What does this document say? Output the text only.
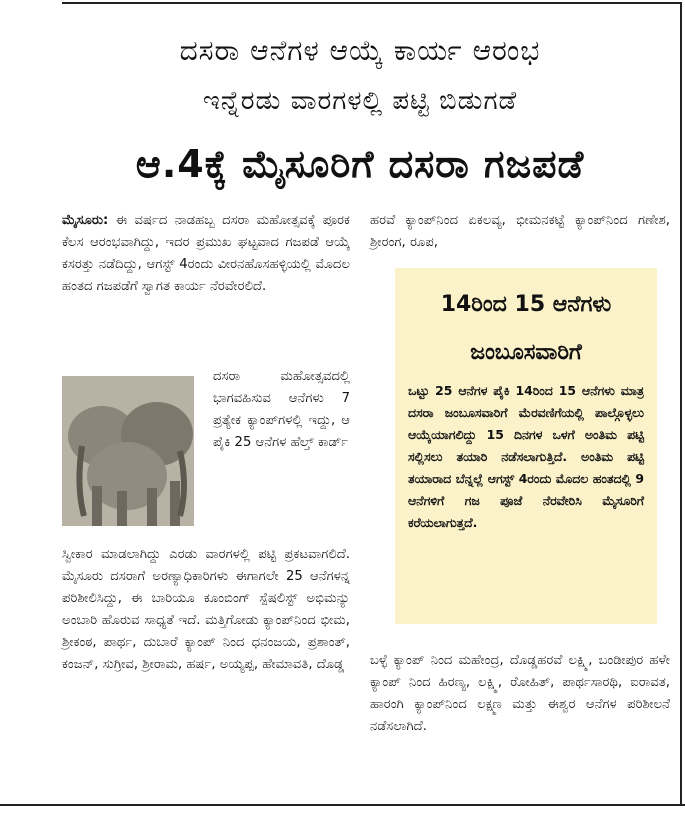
ದಸರಾ ಆನೆಗಳ ಆಯ್ಕೆ ಕಾರ್ಯ ಆರಂಭ
ಇನ್ನೆರಡು ವಾರಗಳಲ್ಲಿ ಪಟ್ಟಿ ಬಿಡುಗಡೆ
ಆ.4ಕ್ಕೆ ಮೈಸೂರಿಗೆ ದಸರಾ ಗಜಪಡೆ

ಮೈಸೂರು: ಈ ವರ್ಷದ ನಾಡಹಬ್ಬ ದಸರಾ ಮಹೋತ್ಸವಕ್ಕೆ ಪೂರಕ ಕೆಲಸ ಆರಂಭವಾಗಿದ್ದು, ಇದರ ಪ್ರಮುಖ ಘಟ್ಟವಾದ ಗಜಪಡೆ ಆಯ್ಕೆ ಕಸರತ್ತು ನಡೆದಿದ್ದು, ಆಗಸ್ಟ್ 4ರಂದು ವೀರನಹೊಸಹಳ್ಳಿಯಲ್ಲಿ ಮೊದಲ ಹಂತದ ಗಜಪಡೆಗೆ ಸ್ವಾಗತ ಕಾರ್ಯ ನೆರವೇರಲಿದೆ.

ದಸರಾ ಮಹೋತ್ಸವದಲ್ಲಿ ಭಾಗವಹಿಸುವ ಆನೆಗಳು 7 ಪ್ರತ್ಯೇಕ ಕ್ಯಾಂಪ್‌ಗಳಲ್ಲಿ ಇದ್ದು, ಆ ಪೈಕಿ 25 ಆನೆಗಳ ಹೆಲ್ತ್ ಕಾರ್ಡ್

ಸ್ವೀಕಾರ ಮಾಡಲಾಗಿದ್ದು ಎರಡು ವಾರಗಳಲ್ಲಿ ಪಟ್ಟಿ ಪ್ರಕಟವಾಗಲಿದೆ. ಮೈಸೂರು ದಸರಾಗೆ ಅರಣ್ಯಾಧಿಕಾರಿಗಳು ಈಗಾಗಲೇ 25 ಆನೆಗಳನ್ನ ಪರಿಶೀಲಿಸಿದ್ದು, ಈ ಬಾರಿಯೂ ಕೂಂಬಿಂಗ್ ಸ್ಪೆಷಲಿಸ್ಟ್ ಅಭಿಮನ್ಯು ಅಂಬಾರಿ ಹೊರುವ ಸಾಧ್ಯತೆ ಇದೆ. ಮತ್ತಿಗೋಡು ಕ್ಯಾಂಪ್‌ನಿಂದ ಭೀಮ, ಶ್ರೀಕಂಠ, ಪಾರ್ಥ, ದುಬಾರೆ ಕ್ಯಾಂಪ್ ನಿಂದ ಧನಂಜಯ, ಪ್ರಶಾಂತ್, ಕಂಜನ್, ಸುಗ್ರೀವ, ಶ್ರೀರಾಮ, ಹರ್ಷ, ಅಯ್ಯಪ್ಪ, ಹೇಮಾವತಿ, ದೊಡ್ಡ

ಹರವೆ ಕ್ಯಾಂಪ್‌ನಿಂದ ಏಕಲವ್ಯ, ಭೀಮನಕಟ್ಟೆ ಕ್ಯಾಂಪ್‌ನಿಂದ ಗಣೇಶ, ಶ್ರೀರಂಗ, ರೂಪ,

14ರಿಂದ 15 ಆನೆಗಳು
ಜಂಬೂಸವಾರಿಗೆ

ಒಟ್ಟು 25 ಆನೆಗಳ ಪೈಕಿ 14ರಿಂದ 15 ಆನೆಗಳು ಮಾತ್ರ ದಸರಾ ಜಂಬೂಸವಾರಿಗೆ ಮೆರವಣಿಗೆಯಲ್ಲಿ ಪಾಲ್ಗೊಳ್ಳಲು ಆಯ್ಕೆಯಾಗಲಿದ್ದು 15 ದಿನಗಳ ಒಳಗೆ ಅಂತಿಮ ಪಟ್ಟಿ ಸಲ್ಲಿಸಲು ತಯಾರಿ ನಡೆಸಲಾಗುತ್ತಿದೆ. ಅಂತಿಮ ಪಟ್ಟಿ ತಯಾರಾದ ಬೆನ್ನಲ್ಲೆ ಆಗಸ್ಟ್ 4ರಂದು ಮೊದಲ ಹಂತದಲ್ಲಿ 9 ಆನೆಗಳಿಗೆ ಗಜ ಪೂಜೆ ನೆರವೇರಿಸಿ ಮೈಸೂರಿಗೆ ಕರೆಯಲಾಗುತ್ತದೆ.

ಬಳ್ಳೆ ಕ್ಯಾಂಪ್ ನಿಂದ ಮಹೇಂದ್ರ, ದೊಡ್ಡಹರವೆ ಲಕ್ಷ್ಮಿ, ಬಂಡೀಪುರ ಹಳೇ ಕ್ಯಾಂಪ್ ನಿಂದ ಹಿರಣ್ಯ, ಲಕ್ಷ್ಮಿ, ರೋಹಿತ್, ಪಾರ್ಥಸಾರಥಿ, ಐರಾವತ, ಹಾರಂಗಿ ಕ್ಯಾಂಪ್‌ನಿಂದ ಲಕ್ಷ್ಮಣ ಮತ್ತು ಈಶ್ವರ ಆನೆಗಳ ಪರಿಶೀಲನೆ ನಡೆಸಲಾಗಿದೆ.
